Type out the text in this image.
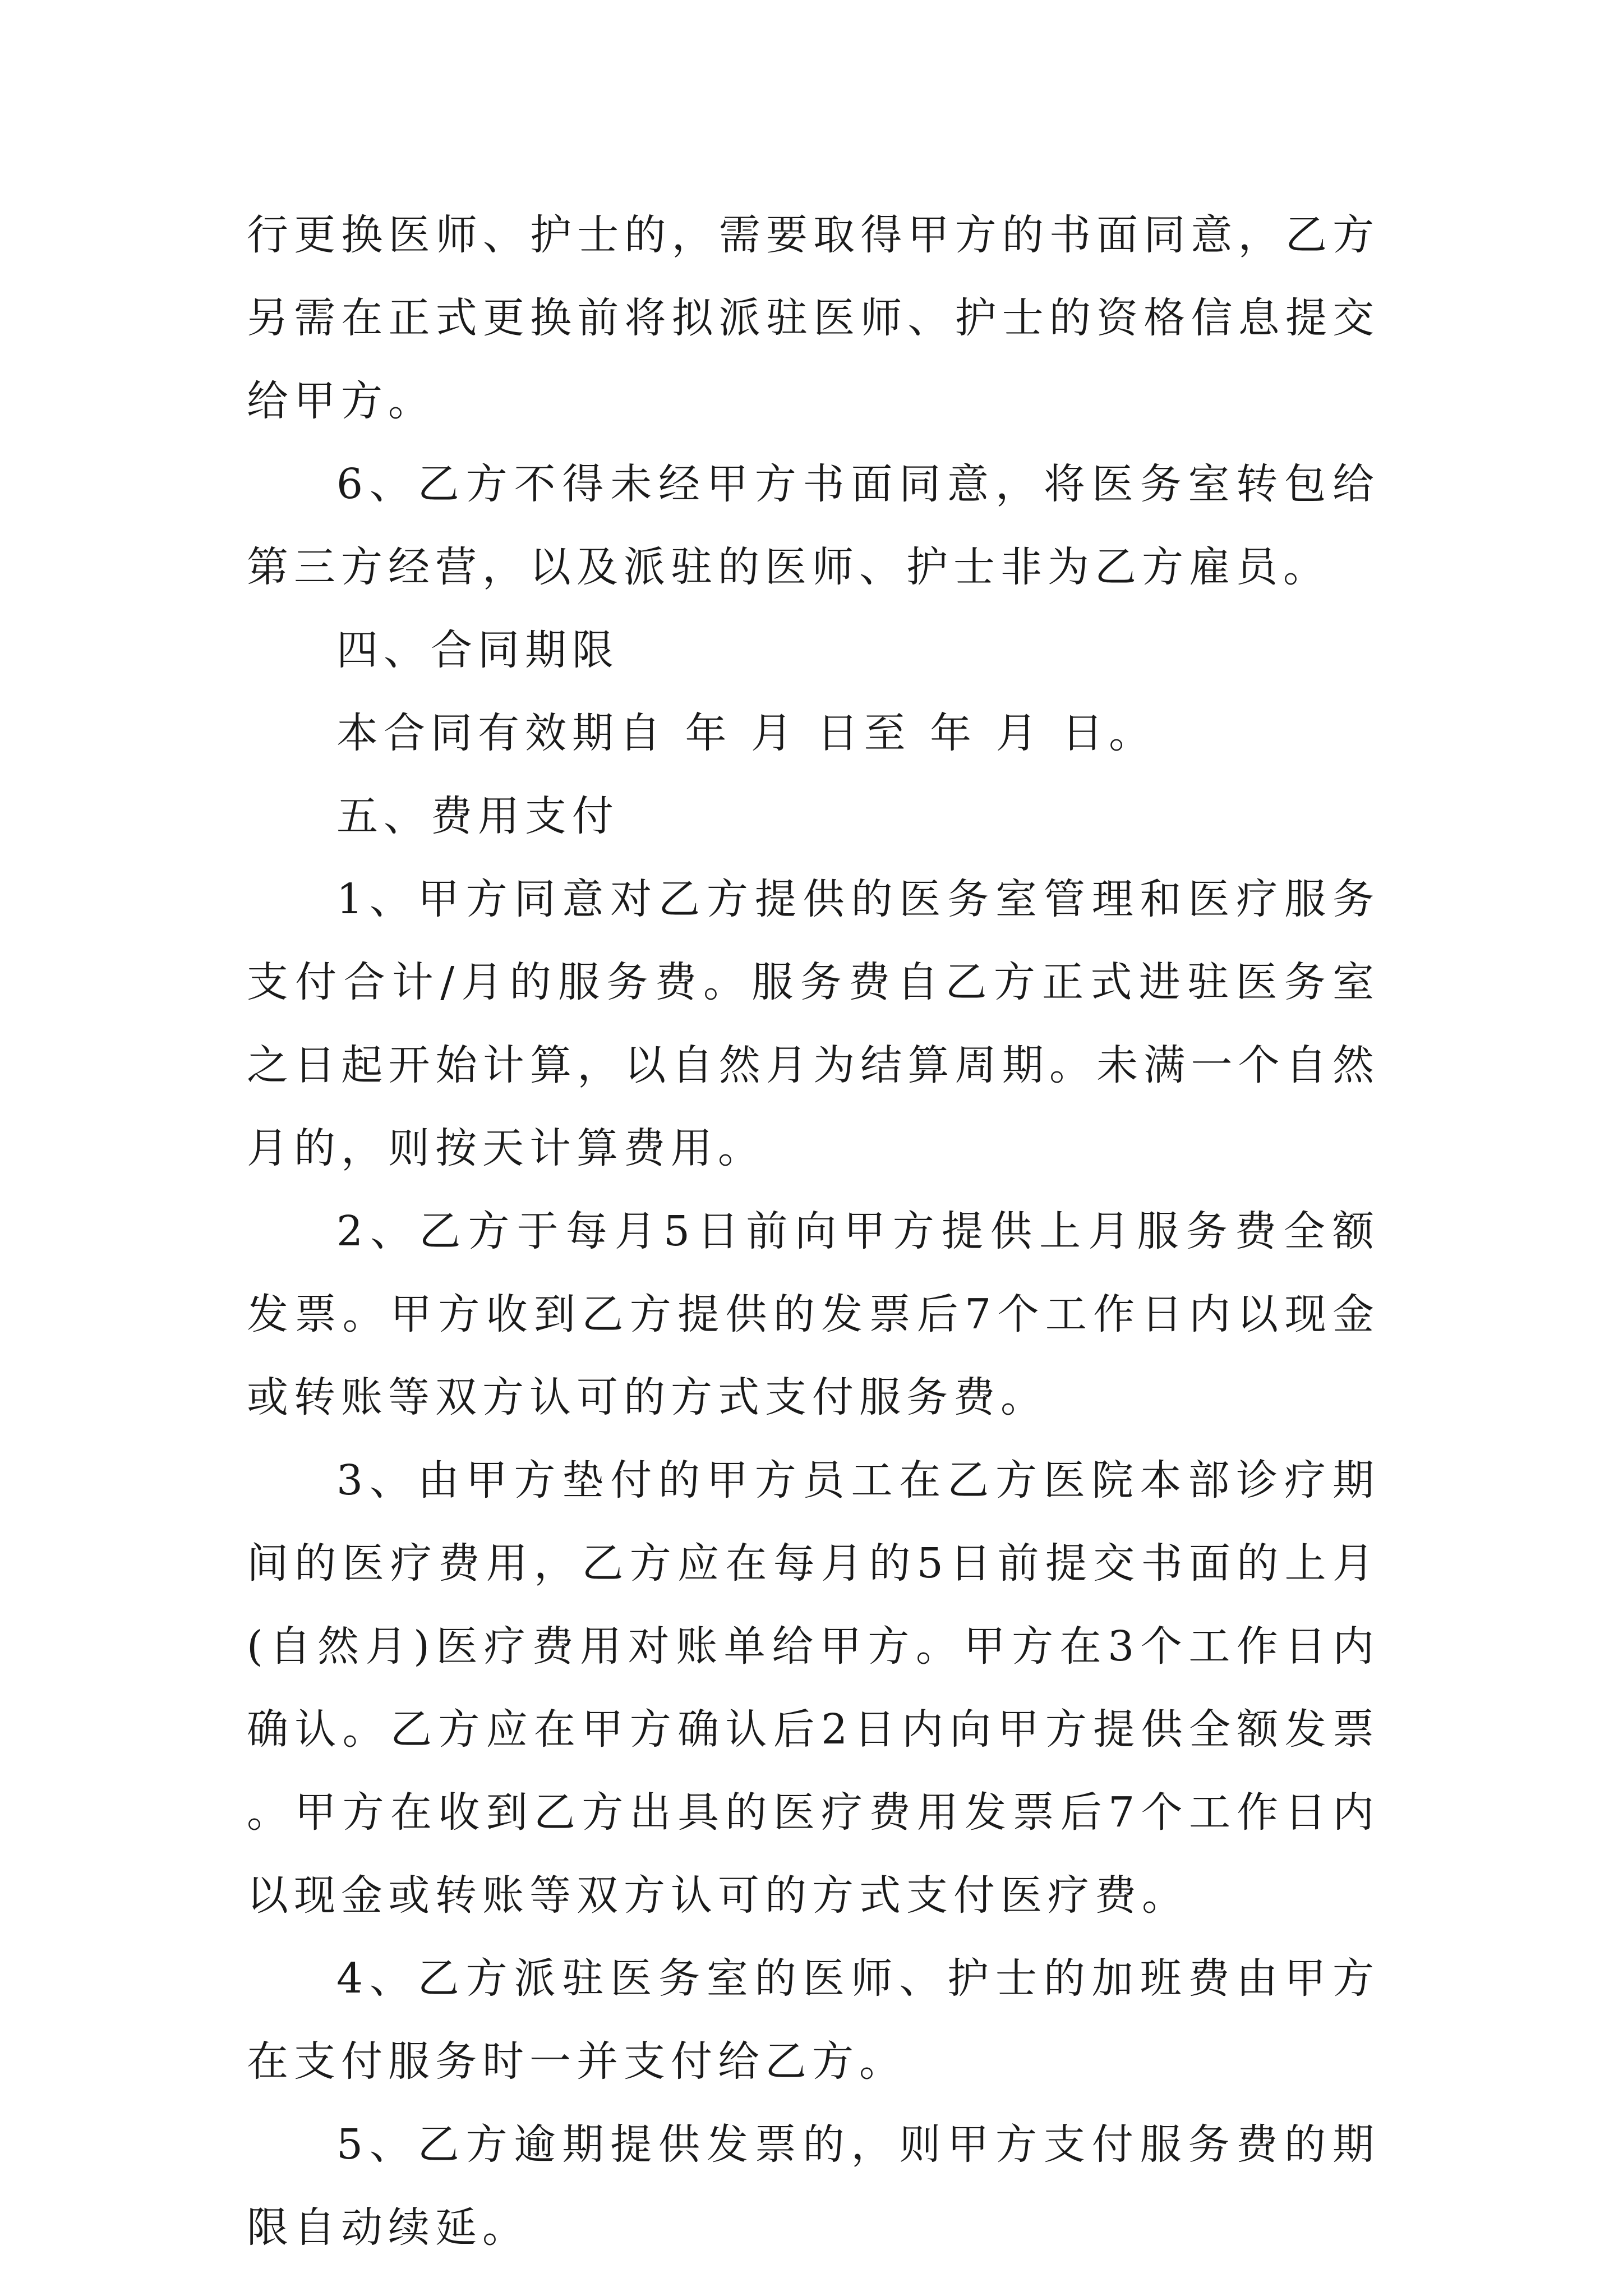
行更换医师、护士的，需要取得甲方的书面同意，乙方另需在正式更换前将拟派驻医师、护士的资格信息提交给甲方。

6、乙方不得未经甲方书面同意，将医务室转包给第三方经营，以及派驻的医师、护士非为乙方雇员。

四、合同期限

本合同有效期自 年 月 日至 年 月 日。

五、费用支付

1、甲方同意对乙方提供的医务室管理和医疗服务支付合计/月的服务费。服务费自乙方正式进驻医务室之日起开始计算，以自然月为结算周期。未满一个自然月的，则按天计算费用。

2、乙方于每月5日前向甲方提供上月服务费全额发票。甲方收到乙方提供的发票后7个工作日内以现金或转账等双方认可的方式支付服务费。

3、由甲方垫付的甲方员工在乙方医院本部诊疗期间的医疗费用，乙方应在每月的5日前提交书面的上月(自然月)医疗费用对账单给甲方。甲方在3个工作日内确认。乙方应在甲方确认后2日内向甲方提供全额发票。甲方在收到乙方出具的医疗费用发票后7个工作日内以现金或转账等双方认可的方式支付医疗费。

4、乙方派驻医务室的医师、护士的加班费由甲方在支付服务时一并支付给乙方。

5、乙方逾期提供发票的，则甲方支付服务费的期限自动续延。
